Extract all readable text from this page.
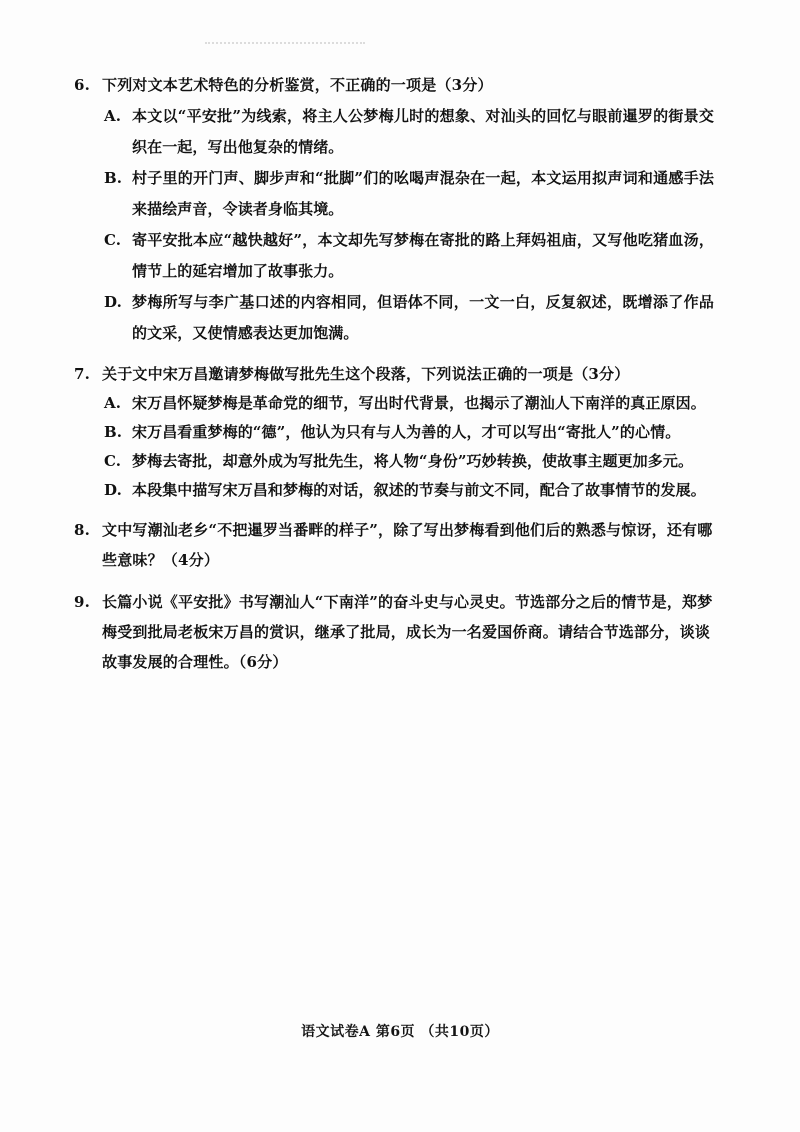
6. 下列对文本艺术特色的分析鉴赏，不正确的一项是（3分）
A. 本文以“平安批”为线索，将主人公梦梅儿时的想象、对汕头的回忆与眼前暹罗的街景交织在一起，写出他复杂的情绪。
B. 村子里的开门声、脚步声和“批脚”们的吆喝声混杂在一起，本文运用拟声词和通感手法来描绘声音，令读者身临其境。
C. 寄平安批本应“越快越好”，本文却先写梦梅在寄批的路上拜妈祖庙，又写他吃猪血汤，情节上的延宕增加了故事张力。
D. 梦梅所写与李广基口述的内容相同，但语体不同，一文一白，反复叙述，既增添了作品的文采，又使情感表达更加饱满。
7. 关于文中宋万昌邀请梦梅做写批先生这个段落，下列说法正确的一项是（3分）
A. 宋万昌怀疑梦梅是革命党的细节，写出时代背景，也揭示了潮汕人下南洋的真正原因。
B. 宋万昌看重梦梅的“德”，他认为只有与人为善的人，才可以写出“寄批人”的心情。
C. 梦梅去寄批，却意外成为写批先生，将人物“身份”巧妙转换，使故事主题更加多元。
D. 本段集中描写宋万昌和梦梅的对话，叙述的节奏与前文不同，配合了故事情节的发展。
8. 文中写潮汕老乡“不把暹罗当番畔的样子”，除了写出梦梅看到他们后的熟悉与惊讶，还有哪些意味？（4分）
9. 长篇小说《平安批》书写潮汕人“下南洋”的奋斗史与心灵史。节选部分之后的情节是，郑梦梅受到批局老板宋万昌的赏识，继承了批局，成长为一名爱国侨商。请结合节选部分，谈谈故事发展的合理性。（6分）
语文试卷A 第6页 （共10页）
